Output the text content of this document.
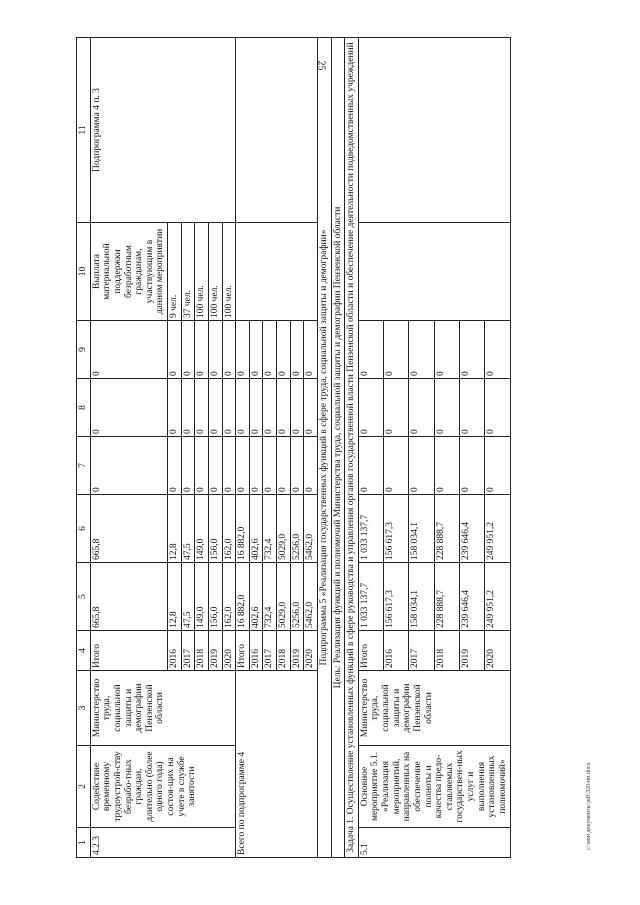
25
1	2	3	4	5	6	7	8	9	10	11
4.2.3	Содействие временному трудоустрой-ству безрабо-тных граждан, длительно (более одного года) состоя-щих на учете в службе занятости	Министерство труда, социальной защиты и демографии Пензенской области	Итого	665,8	665,8	0	0	0	Выплата материальной поддержки безработным гражданам, участвующим в данном мероприятии	Подпрограмма 4 п. 3
			2016	12,8	12,8	0	0	0	9 чел.	
			2017	47,5	47,5	0	0	0	37 чел.	
			2018	149,0	149,0	0	0	0	100 чел.	
			2019	156,0	156,0	0	0	0	100 чел.	
			2020	162,0	162,0	0	0	0	100 чел.	
Всего по подпрограмме 4			Итого	16 882,0	16 882,0	0	0	0		
			2016	402,6	402,6	0	0	0		
			2017	732,4	732,4	0	0	0		
			2018	5029,0	5029,0	0	0	0		
			2019	5256,0	5256,0	0	0	0		
			2020	5462,0	5462,0	0	0	0		
Подпрограмма 5 «Реализация государственных функций в сфере труда, социальной защиты и демографии»										
Цель: Реализация функций и полномочий Министерства труда, социальной защиты и демографии Пензенской области										
Задача 1. Осуществление установленных функций в сфере руководства и управления органов государственной власти Пензенской области и обеспечение деятельности подведомственных учреждений										
5.1	Основное мероприятие 5.1. «Реализация мероприятий, направленных на обеспечение полноты и качества предо-ставляемых государствен-ных услуг и выполнения установленных полномочий»	Министерство труда, социальной защиты и демографии Пензенской области	Итого	1 033 137,7	1 033 137,7	0	0	0		
			2016	156 617,3	156 617,3	0	0	0		
			2017	158 034,1	158 034,1	0	0	0		
			2018	228 888,7	228 888,7	0	0	0		
			2019	239 646,4	239 646,4	0	0	0		
			2020	249 951,2	249 951,2	0	0	0		
c:\мои документы\pdf\320-нп.docx
